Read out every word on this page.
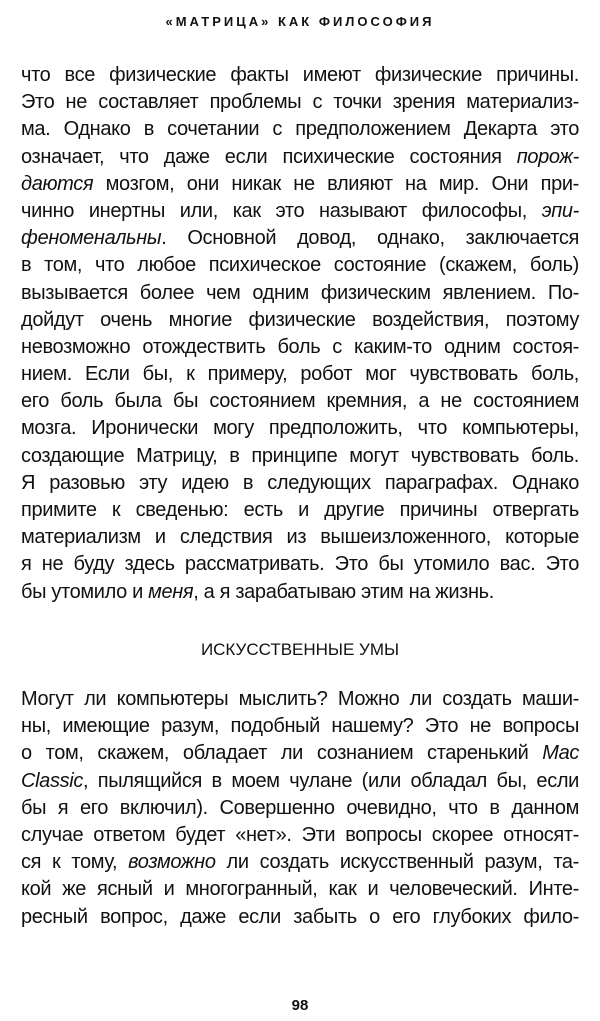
«МАТРИЦА» КАК ФИЛОСОФИЯ
что все физические факты имеют физические причины.
Это не составляет проблемы с точки зрения материализ-
ма. Однако в сочетании с предположением Декарта это
означает, что даже если психические состояния порож-
даются мозгом, они никак не влияют на мир. Они при-
чинно инертны или, как это называют философы, эпи-
феноменальны. Основной довод, однако, заключается
в том, что любое психическое состояние (скажем, боль)
вызывается более чем одним физическим явлением. По-
дойдут очень многие физические воздействия, поэтому
невозможно отождествить боль с каким-то одним состоя-
нием. Если бы, к примеру, робот мог чувствовать боль,
его боль была бы состоянием кремния, а не состоянием
мозга. Иронически могу предположить, что компьютеры,
создающие Матрицу, в принципе могут чувствовать боль.
Я разовью эту идею в следующих параграфах. Однако
примите к сведенью: есть и другие причины отвергать
материализм и следствия из вышеизложенного, которые
я не буду здесь рассматривать. Это бы утомило вас. Это
бы утомило и меня, а я зарабатываю этим на жизнь.
ИСКУССТВЕННЫЕ УМЫ
Могут ли компьютеры мыслить? Можно ли создать маши-
ны, имеющие разум, подобный нашему? Это не вопросы
о том, скажем, обладает ли сознанием старенький Mac
Classic, пылящийся в моем чулане (или обладал бы, если
бы я его включил). Совершенно очевидно, что в данном
случае ответом будет «нет». Эти вопросы скорее относят-
ся к тому, возможно ли создать искусственный разум, та-
кой же ясный и многогранный, как и человеческий. Инте-
ресный вопрос, даже если забыть о его глубоких фило-
98
